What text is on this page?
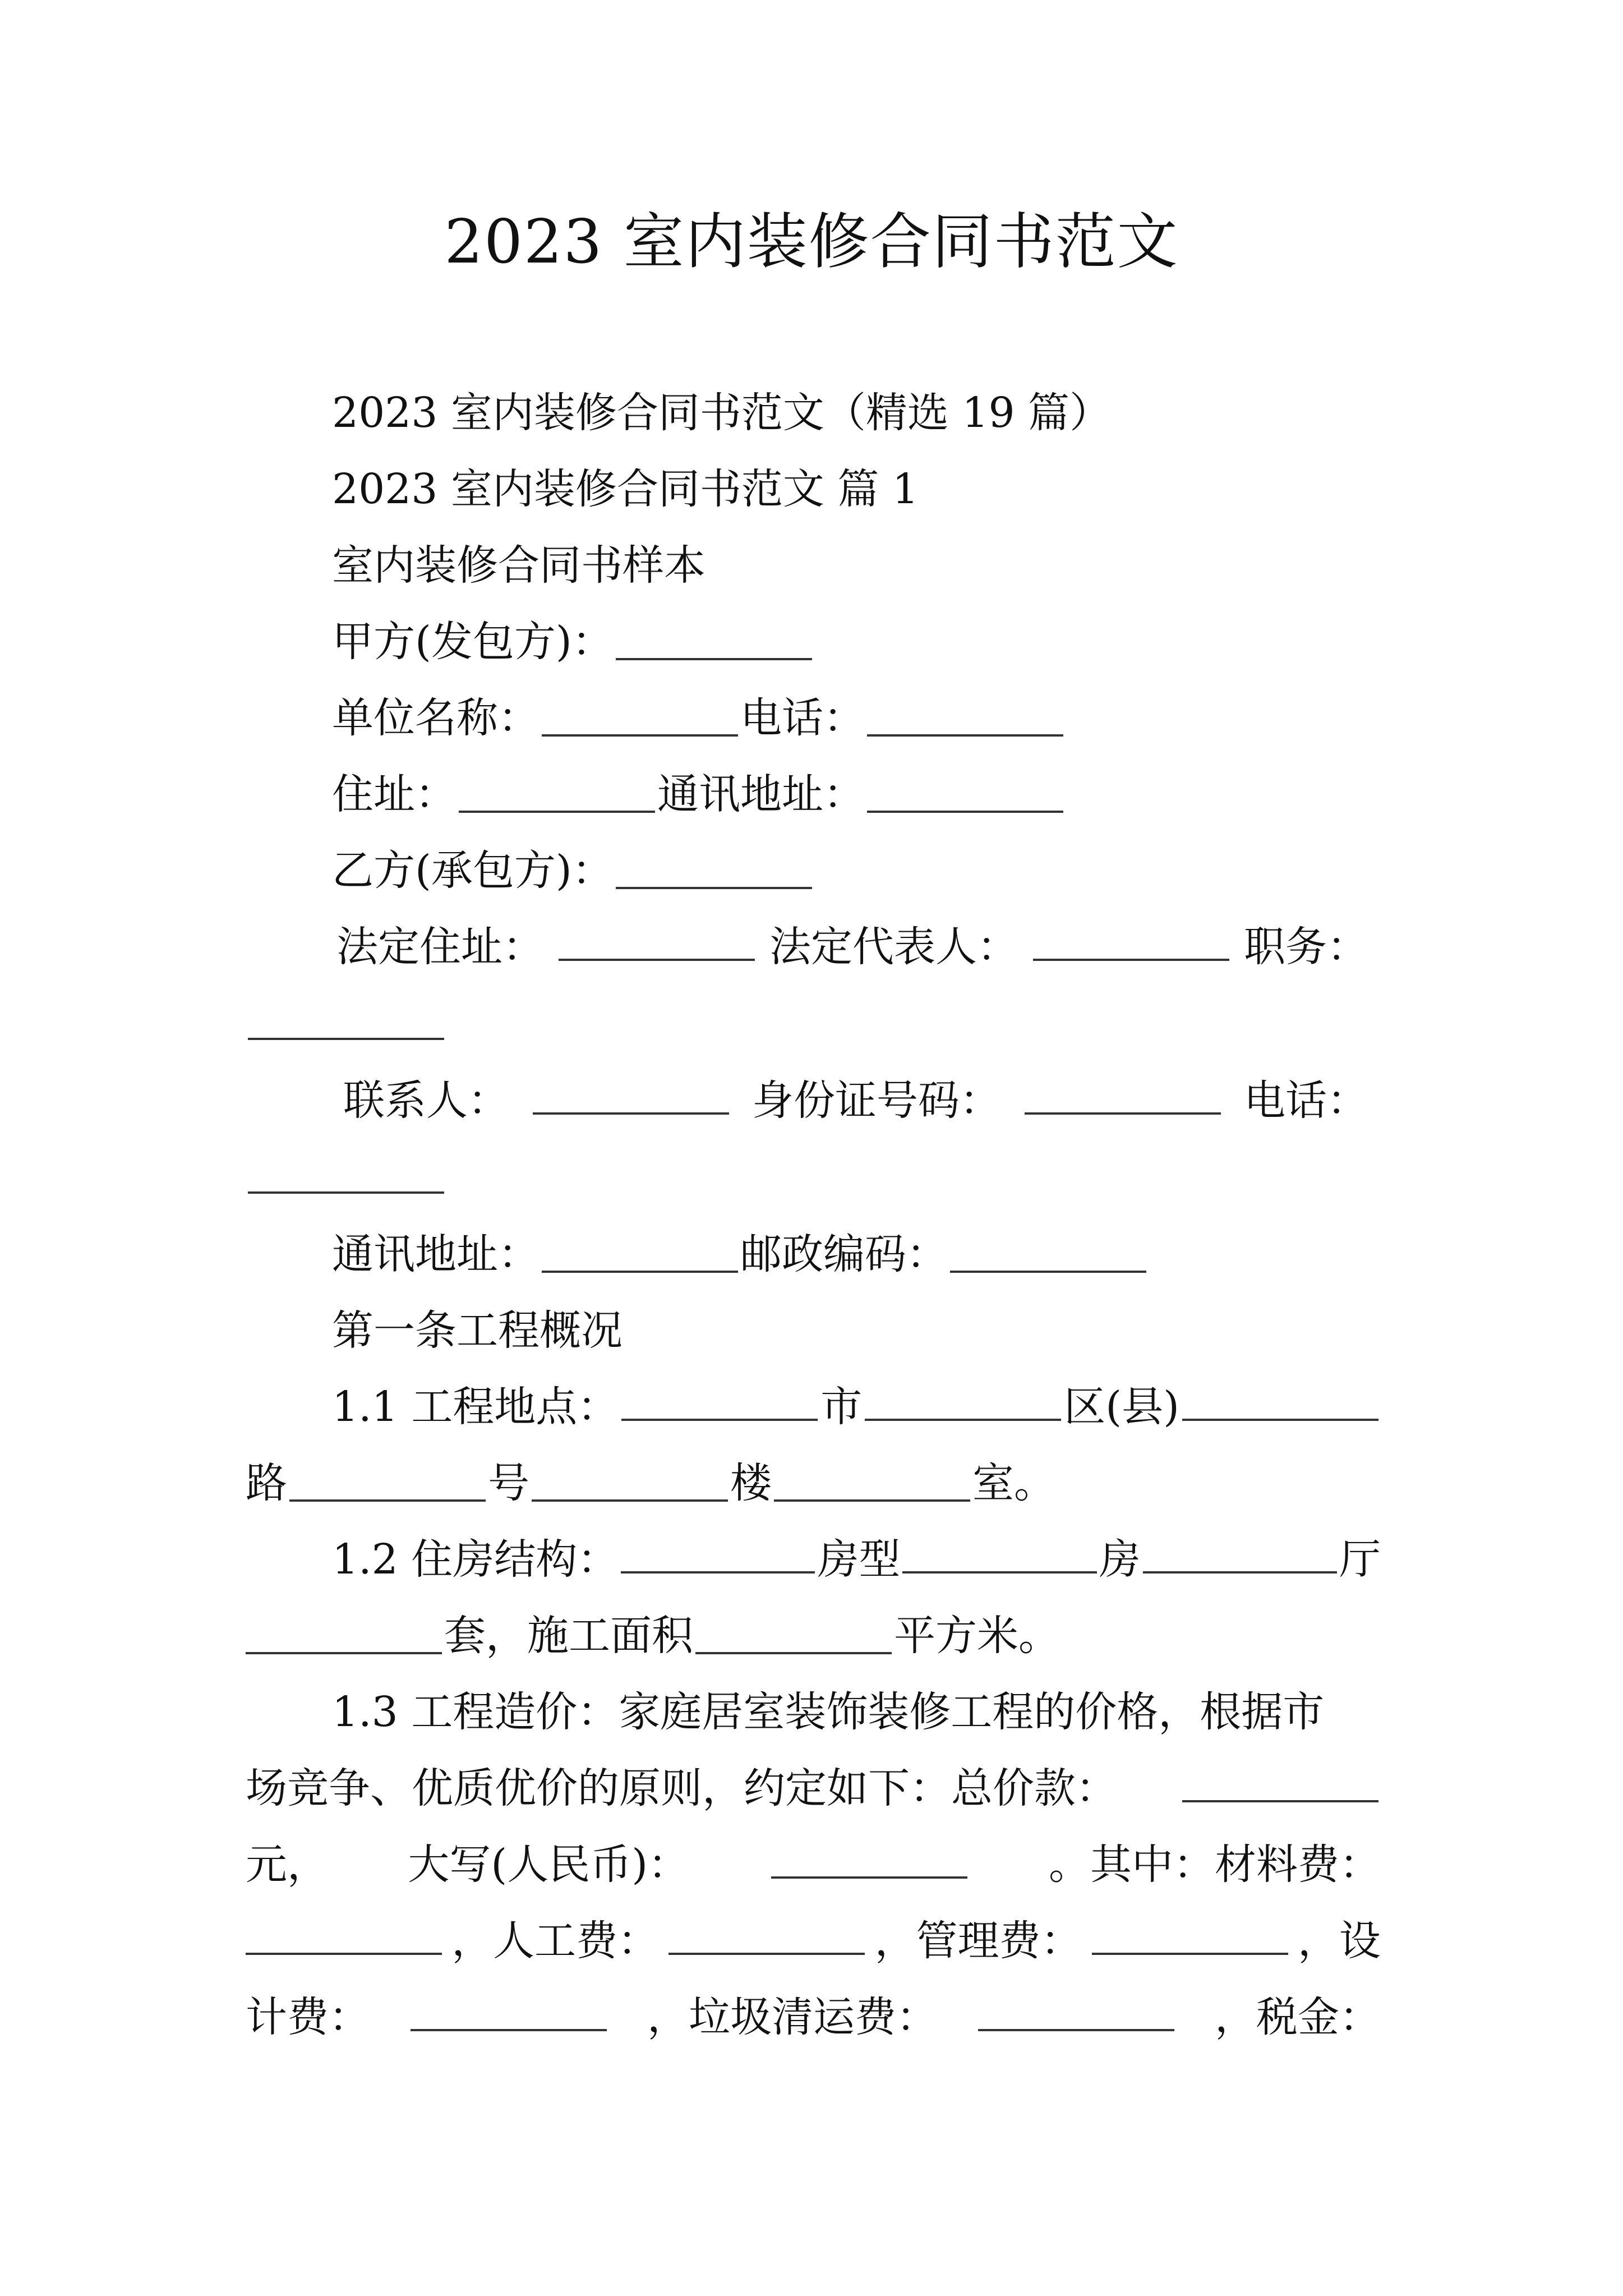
2023 室内装修合同书范文
2023 室内装修合同书范文（精选 19 篇）
2023 室内装修合同书范文 篇 1
室内装修合同书样本
甲方(发包方)：
单位名称：	电话：
住址：	通讯地址：
乙方(承包方)：
法定住址：	法定代表人：	职务：
联系人：	身份证号码：	电话：
通讯地址：	邮政编码：
第一条工程概况
1.1 工程地点：	市	区(县)
路	号	楼	室。
1.2 住房结构：	房型	房	厅
套，施工面积	平方米。
1.3 工程造价：家庭居室装饰装修工程的价格，根据市
场竞争、优质优价的原则，约定如下：总价款：
元， 大写(人民币)：	。其中：材料费：
，人工费：	，管理费：	，设
计费：	，垃圾清运费：	，税金：
